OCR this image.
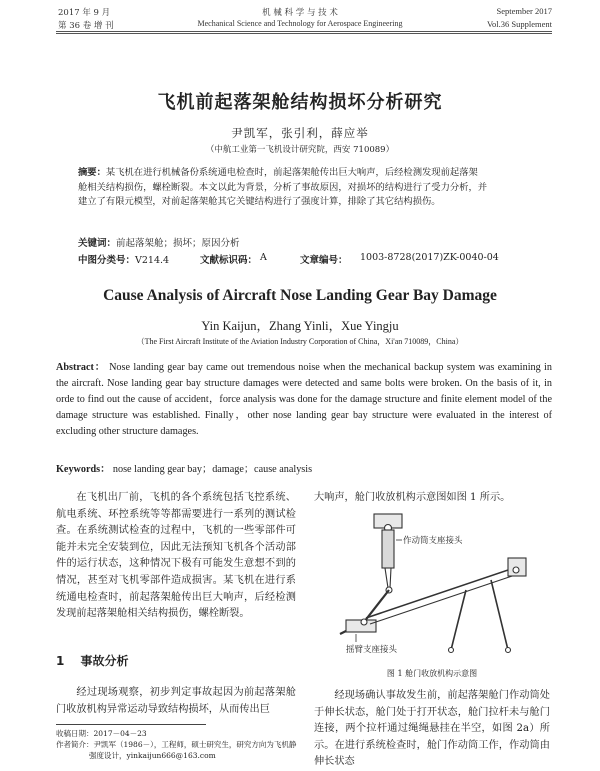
2017 年 9 月
第 36 卷 增 刊
机 械 科 学 与 技 术
Mechanical Science and Technology for Aerospace Engineering
September 2017
Vol.36 Supplement
飞机前起落架舱结构损坏分析研究
尹凯军，张引利，薛应举
（中航工业第一飞机设计研究院，西安 710089）
摘要：某飞机在进行机械备份系统通电检查时，前起落架舱传出巨大响声，后经检测发现前起落架
舱相关结构损伤，螺栓断裂。本文以此为背景，分析了事故原因，对损坏的结构进行了受力分析，并
建立了有限元模型，对前起落架舱其它关键结构进行了强度计算，排除了其它结构损伤。
关键词：前起落架舱；损坏；原因分析
中图分类号：V214.4	文献标识码： A	文章编号： 1003-8728(2017)ZK-0040-04
Cause Analysis of Aircraft Nose Landing Gear Bay Damage
Yin Kaijun，Zhang Yinli，Xue Yingju
（The First Aircraft Institute of the Aviation Industry Corporation of China，Xi'an 710089，China）
Abstract： Nose landing gear bay came out tremendous noise when the mechanical backup system was examining in the aircraft. Nose landing gear bay structure damages were detected and same bolts were broken. On the basis of it, in orde to find out the cause of accident，force analysis was done for the damage structure and finite element model of the damage structure was established. Finally，other nose landing gear bay structure were evaluated in the interest of excluding other structure damages.
Keywords： nose landing gear bay；damage；cause analysis
在飞机出厂前，飞机的各个系统包括飞控系统、航电系统、环控系统等等都需要进行一系列的测试检查。在系统测试检查的过程中，飞机的一些零部件可能并未完全安装到位，因此无法预知飞机各个活动部件的运行状态，这种情况下极有可能发生意想不到的情况，甚至对飞机零部件造成损害。某飞机在进行系统通电检查时，前起落架舱传出巨大响声，后经检测发现前起落架舱相关结构损伤，螺栓断裂。
1 事故分析
经过现场观察，初步判定事故起因为前起落架舱门收放机构异常运动导致结构损坏，从而传出巨
收稿日期：2017－04－23
作者简介：尹凯军（1986－），工程师，硕士研究生，研究方向为飞机静
强度设计，yinkaijun666@163.com
大响声，舱门收放机构示意图如图 1 所示。
作动筒支座接头
摇臂支座接头
图 1 舱门收放机构示意图
经现场确认事故发生前，前起落架舱门作动筒处于伸长状态，舱门处于打开状态，舱门拉杆未与舱门连接，两个拉杆通过绳绳悬挂在半空，如图 2a）所示。在进行系统检查时，舱门作动筒工作，作动筒由伸长状态
